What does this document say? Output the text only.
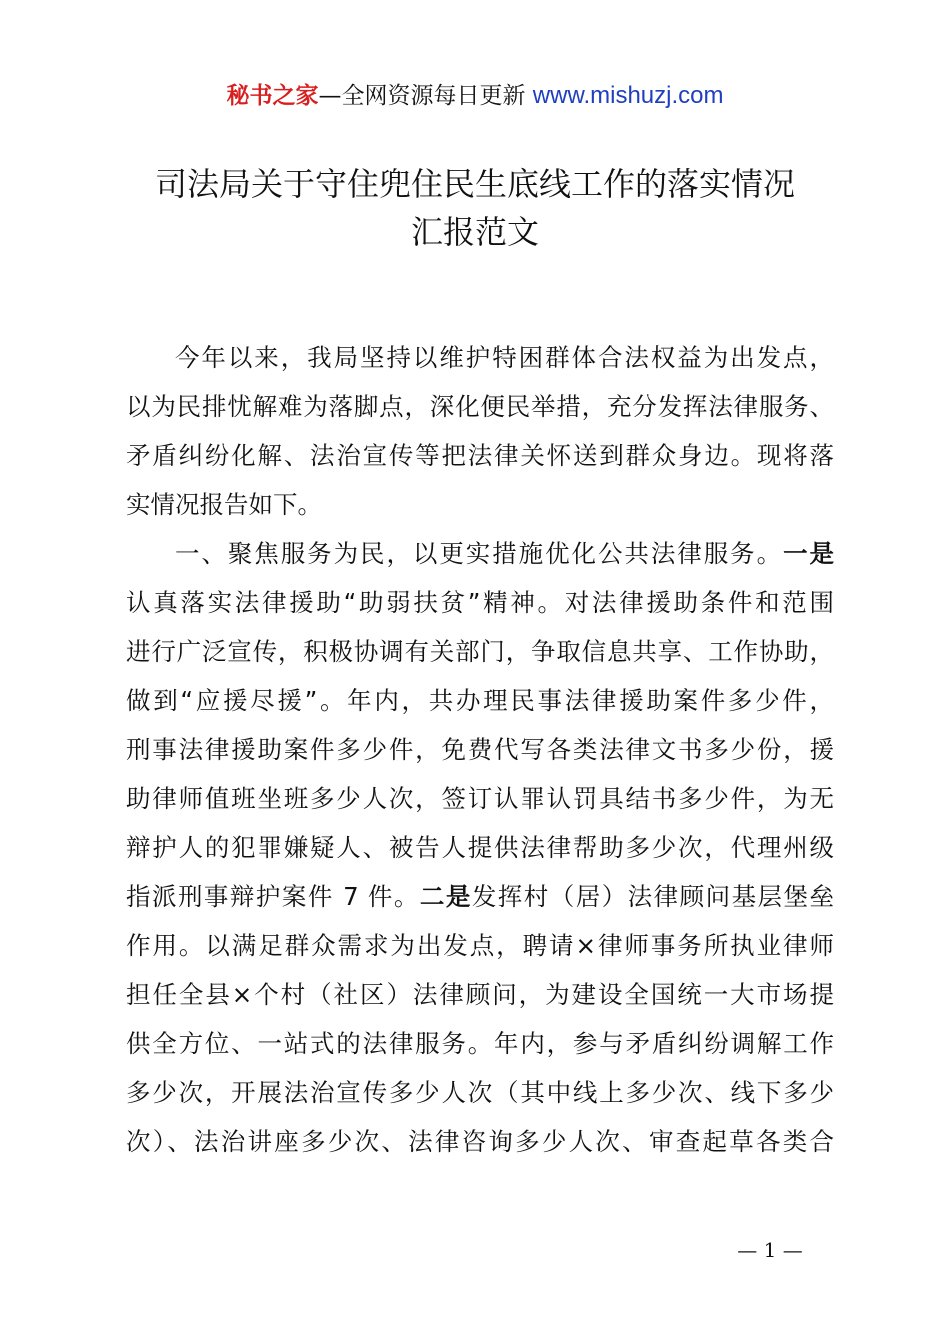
秘书之家—全网资源每日更新 www.mishuzj.com
司法局关于守住兜住民生底线工作的落实情况
汇报范文

今年以来，我局坚持以维护特困群体合法权益为出发点，
以为民排忧解难为落脚点，深化便民举措，充分发挥法律服务、
矛盾纠纷化解、法治宣传等把法律关怀送到群众身边。现将落
实情况报告如下。

一、聚焦服务为民，以更实措施优化公共法律服务。一是
认真落实法律援助“助弱扶贫”精神。对法律援助条件和范围
进行广泛宣传，积极协调有关部门，争取信息共享、工作协助，
做到“应援尽援”。年内，共办理民事法律援助案件多少件，
刑事法律援助案件多少件，免费代写各类法律文书多少份，援
助律师值班坐班多少人次，签订认罪认罚具结书多少件，为无
辩护人的犯罪嫌疑人、被告人提供法律帮助多少次，代理州级
指派刑事辩护案件 7 件。二是发挥村（居）法律顾问基层堡垒
作用。以满足群众需求为出发点，聘请×律师事务所执业律师
担任全县×个村（社区）法律顾问，为建设全国统一大市场提
供全方位、一站式的法律服务。年内，参与矛盾纠纷调解工作
多少次，开展法治宣传多少人次（其中线上多少次、线下多少
次）、法治讲座多少次、法律咨询多少人次、审查起草各类合

— 1 —
